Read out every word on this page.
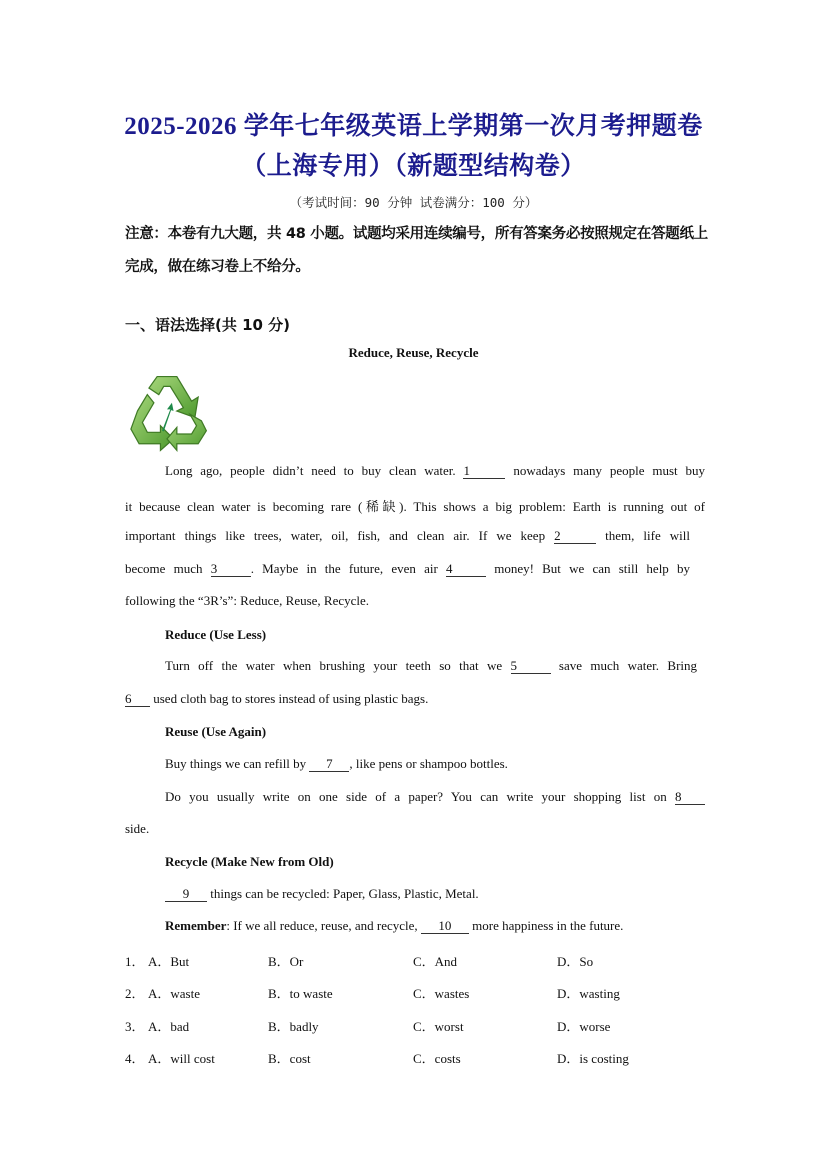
2025-2026 学年七年级英语上学期第一次月考押题卷
（上海专用）（新题型结构卷）
（考试时间：90 分钟 试卷满分：100 分）
注意：本卷有九大题，共 48 小题。试题均采用连续编号，所有答案务必按照规定在答题纸上完成，做在练习卷上不给分。
一、语法选择(共 10 分)
Reduce, Reuse, Recycle
Long ago, people didn’t need to buy clean water. 1	nowadays many people must buy
it because clean water is becoming rare (稀缺). This shows a big problem: Earth is running out of
important things like trees, water, oil, fish, and clean air. If we keep 2	them, life will
become much 3	. Maybe in the future, even air 4	money! But we can still help by
following the “3R’s”: Reduce, Reuse, Recycle.
Reduce (Use Less)
Turn off the water when brushing your teeth so that we 5	save much water. Bring
6 used cloth bag to stores instead of using plastic bags.
Reuse (Use Again)
Buy things we can refill by 7 , like pens or shampoo bottles.
Do you usually write on one side of a paper? You can write your shopping list on 8
side.
Recycle (Make New from Old)
9 things can be recycled: Paper, Glass, Plastic, Metal.
Remember: If we all reduce, reuse, and recycle, 10 more happiness in the future.
1． A．But	B．Or	C．And	D．So
2． A．waste	B．to waste	C．wastes	D．wasting
3． A．bad	B．badly	C．worst	D．worse
4． A．will cost	B．cost	C．costs	D．is costing
